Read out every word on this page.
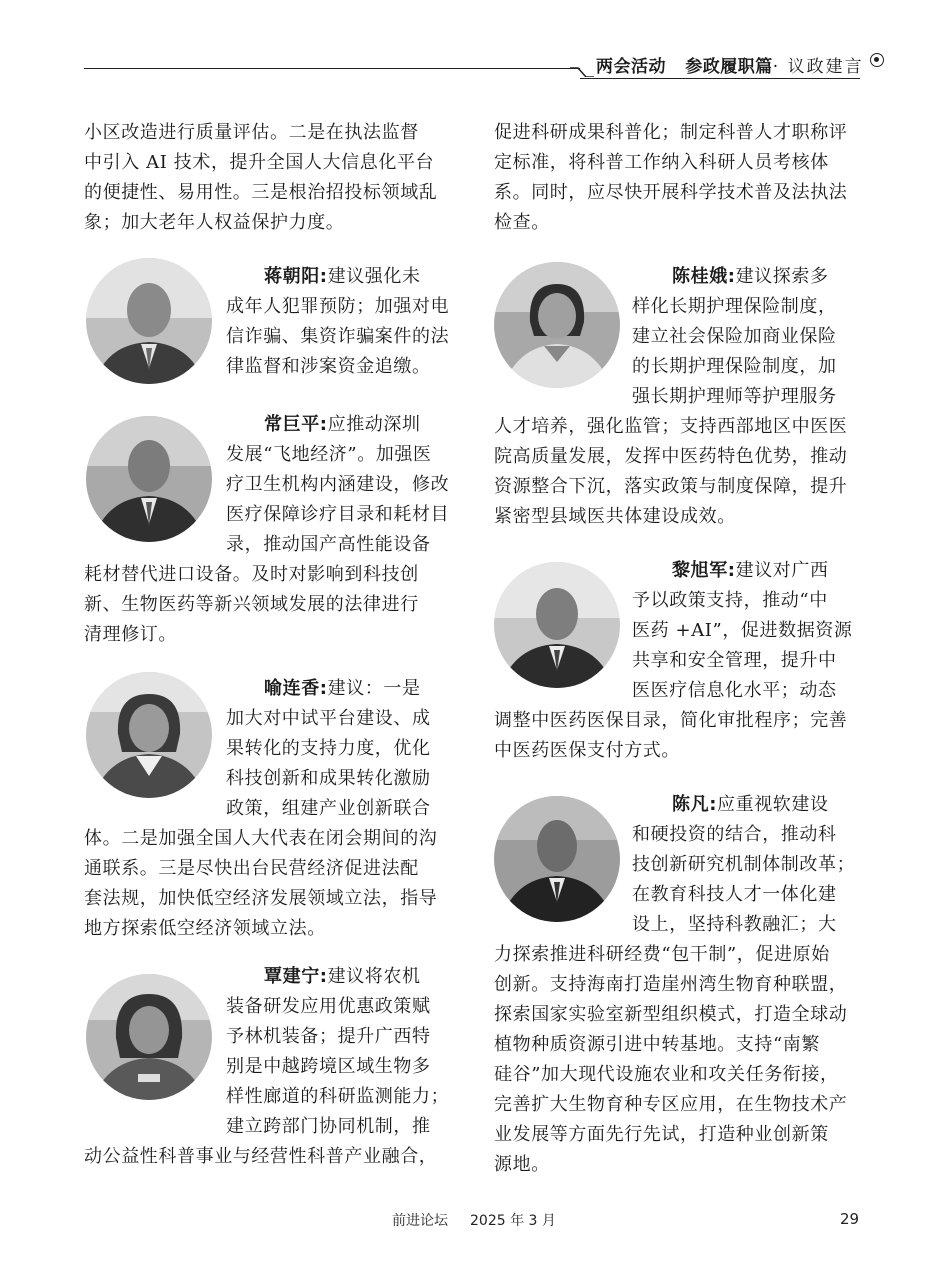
两会活动 参政履职篇· 议政建言
小区改造进行质量评估。二是在执法监督
中引入 AI 技术，提升全国人大信息化平台
的便捷性、易用性。三是根治招投标领域乱
象；加大老年人权益保护力度。
蒋朝阳:建议强化未
成年人犯罪预防；加强对电
信诈骗、集资诈骗案件的法
律监督和涉案资金追缴。
常巨平:应推动深圳
发展“飞地经济”。加强医
疗卫生机构内涵建设，修改
医疗保障诊疗目录和耗材目
录，推动国产高性能设备
耗材替代进口设备。及时对影响到科技创
新、生物医药等新兴领域发展的法律进行
清理修订。
喻连香:建议：一是
加大对中试平台建设、成
果转化的支持力度，优化
科技创新和成果转化激励
政策，组建产业创新联合
体。二是加强全国人大代表在闭会期间的沟
通联系。三是尽快出台民营经济促进法配
套法规，加快低空经济发展领域立法，指导
地方探索低空经济领域立法。
覃建宁:建议将农机
装备研发应用优惠政策赋
予林机装备；提升广西特
别是中越跨境区域生物多
样性廊道的科研监测能力；
建立跨部门协同机制，推
动公益性科普事业与经营性科普产业融合，
促进科研成果科普化；制定科普人才职称评
定标准，将科普工作纳入科研人员考核体
系。同时，应尽快开展科学技术普及法执法
检查。
陈桂娥:建议探索多
样化长期护理保险制度，
建立社会保险加商业保险
的长期护理保险制度，加
强长期护理师等护理服务
人才培养，强化监管；支持西部地区中医医
院高质量发展，发挥中医药特色优势，推动
资源整合下沉，落实政策与制度保障，提升
紧密型县域医共体建设成效。
黎旭军:建议对广西
予以政策支持，推动“中
医药 +AI”，促进数据资源
共享和安全管理，提升中
医医疗信息化水平；动态
调整中医药医保目录，简化审批程序；完善
中医药医保支付方式。
陈凡:应重视软建设
和硬投资的结合，推动科
技创新研究机制体制改革；
在教育科技人才一体化建
设上，坚持科教融汇；大
力探索推进科研经费“包干制”，促进原始
创新。支持海南打造崖州湾生物育种联盟，
探索国家实验室新型组织模式，打造全球动
植物种质资源引进中转基地。支持“南繁
硅谷”加大现代设施农业和攻关任务衔接，
完善扩大生物育种专区应用，在生物技术产
业发展等方面先行先试，打造种业创新策
源地。
前进论坛 2025 年 3 月	29
